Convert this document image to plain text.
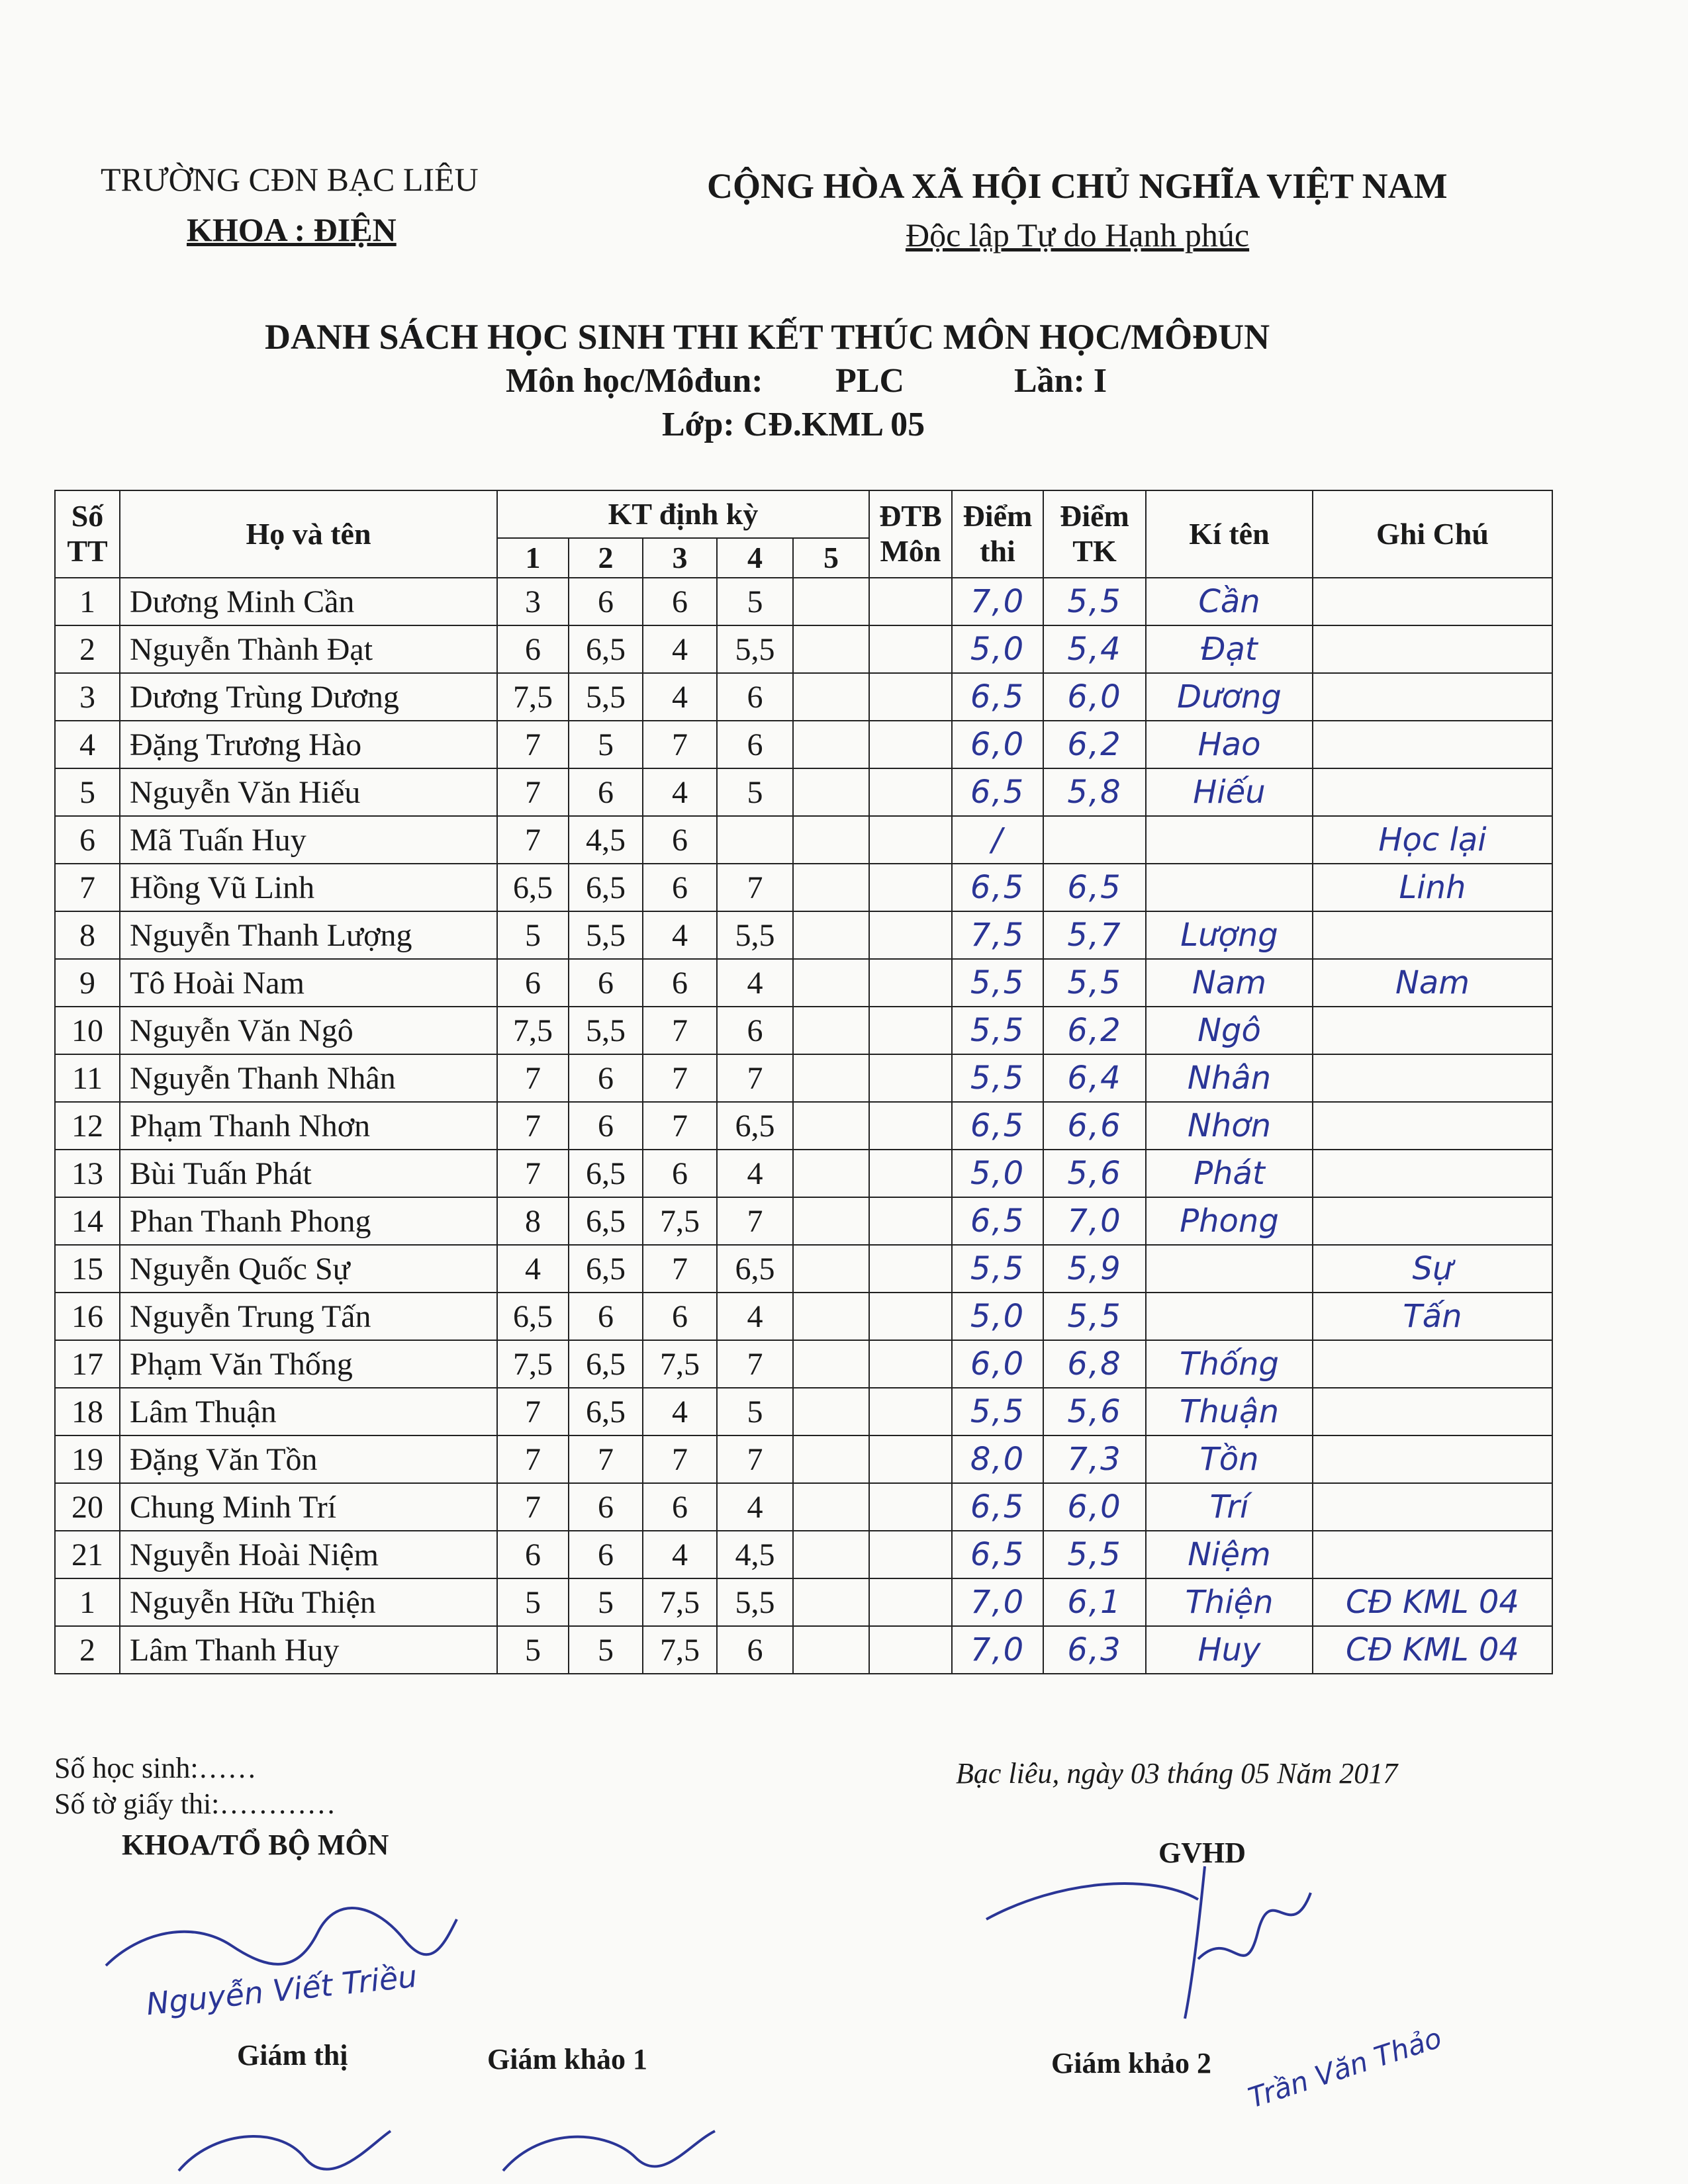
TRƯỜNG CĐN BẠC LIÊU
KHOA : ĐIỆN
CỘNG HÒA XÃ HỘI CHỦ NGHĨA VIỆT NAM
Độc lập Tự do Hạnh phúc
DANH SÁCH HỌC SINH THI KẾT THÚC MÔN HỌC/MÔĐUN
Môn học/Môđun: PLC	Lần: I
Lớp: CĐ.KML 05
Số TT	Họ và tên	KT định kỳ					ĐTB Môn	Điểm thi	Điểm TK	Kí tên	Ghi Chú
		1	2	3	4	5					
1	Dương Minh Cần	3	6	6	5			7,0	5,5	Cần	
2	Nguyễn Thành Đạt	6	6,5	4	5,5			5,0	5,4	Đạt	
3	Dương Trùng Dương	7,5	5,5	4	6			6,5	6,0	Dương	
4	Đặng Trương Hào	7	5	7	6			6,0	6,2	Hao	
5	Nguyễn Văn Hiếu	7	6	4	5			6,5	5,8	Hiếu	
6	Mã Tuấn Huy	7	4,5	6				/			Học lại
7	Hồng Vũ Linh	6,5	6,5	6	7			6,5	6,5		Linh
8	Nguyễn Thanh Lượng	5	5,5	4	5,5			7,5	5,7	Lượng	
9	Tô Hoài Nam	6	6	6	4			5,5	5,5	Nam	Nam
10	Nguyễn Văn Ngô	7,5	5,5	7	6			5,5	6,2	Ngô	
11	Nguyễn Thanh Nhân	7	6	7	7			5,5	6,4	Nhân	
12	Phạm Thanh Nhơn	7	6	7	6,5			6,5	6,6	Nhơn	
13	Bùi Tuấn Phát	7	6,5	6	4			5,0	5,6	Phát	
14	Phan Thanh Phong	8	6,5	7,5	7			6,5	7,0	Phong	
15	Nguyễn Quốc Sự	4	6,5	7	6,5			5,5	5,9		Sự
16	Nguyễn Trung Tấn	6,5	6	6	4			5,0	5,5		Tấn
17	Phạm Văn Thống	7,5	6,5	7,5	7			6,0	6,8	Thống	
18	Lâm Thuận	7	6,5	4	5			5,5	5,6	Thuận	
19	Đặng Văn Tồn	7	7	7	7			8,0	7,3	Tồn	
20	Chung Minh Trí	7	6	6	4			6,5	6,0	Trí	
21	Nguyễn Hoài Niệm	6	6	4	4,5			6,5	5,5	Niệm	
1	Nguyễn Hữu Thiện	5	5	7,5	5,5			7,0	6,1	Thiện	CĐ KML 04
2	Lâm Thanh Huy	5	5	7,5	6			7,0	6,3	Huy	CĐ KML 04
Số học sinh:……
Số tờ giấy thi:…………
KHOA/TỔ BỘ MÔN
Bạc liêu, ngày 03 tháng 05 Năm 2017
GVHD
Nguyễn Viết Triều
Trần Văn Thảo
Giám thị	Giám khảo 1	Giám khảo 2
